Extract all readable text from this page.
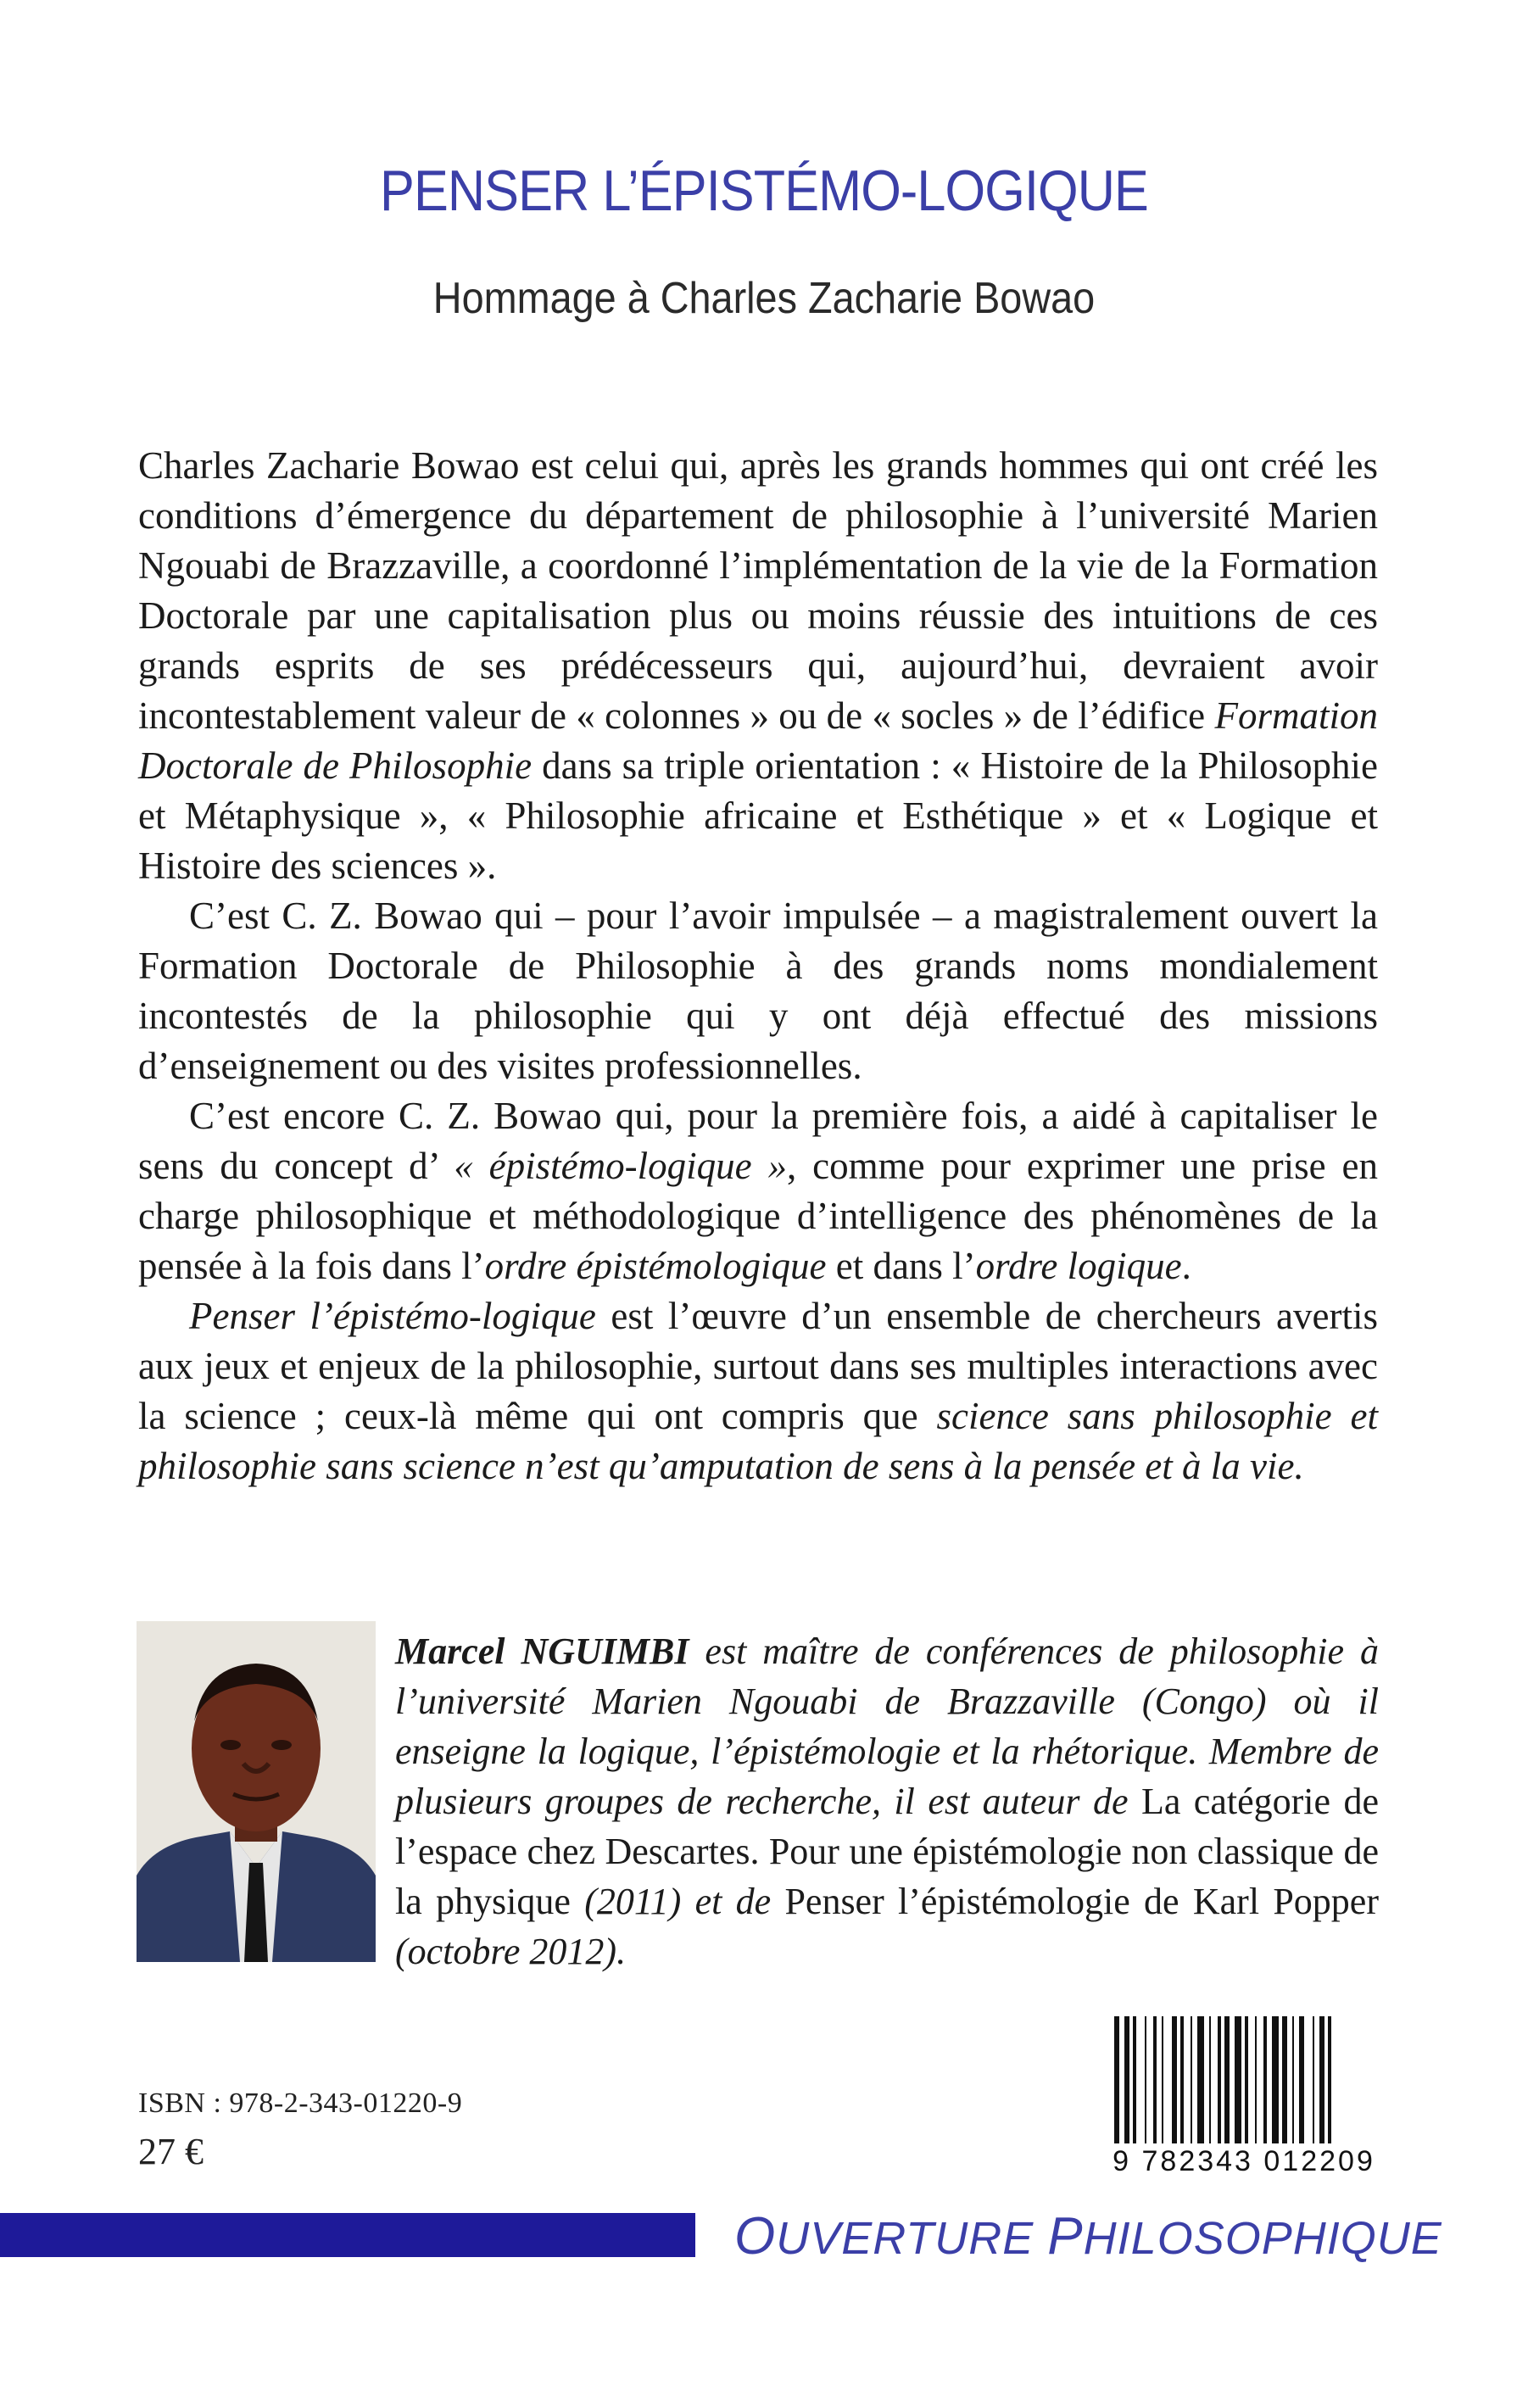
PENSER L’ÉPISTÉMO-LOGIQUE
Hommage à Charles Zacharie Bowao

Charles Zacharie Bowao est celui qui, après les grands hommes qui ont créé les conditions d’émergence du département de philosophie à l’université Marien Ngouabi de Brazzaville, a coordonné l’implémentation de la vie de la Formation Doctorale par une capitalisation plus ou moins réussie des intuitions de ces grands esprits de ses prédécesseurs qui, aujourd’hui, devraient avoir incontestablement valeur de « colonnes » ou de « socles » de l’édifice Formation Doctorale de Philosophie dans sa triple orientation : « Histoire de la Philosophie et Métaphysique », « Philosophie africaine et Esthétique » et « Logique et Histoire des sciences ».

C’est C. Z. Bowao qui – pour l’avoir impulsée – a magistralement ouvert la Formation Doctorale de Philosophie à des grands noms mondialement incontestés de la philosophie qui y ont déjà effectué des missions d’enseignement ou des visites professionnelles.

C’est encore C. Z. Bowao qui, pour la première fois, a aidé à capitaliser le sens du concept d’ « épistémo-logique », comme pour exprimer une prise en charge philosophique et méthodologique d’intelligence des phénomènes de la pensée à la fois dans l’ordre épistémologique et dans l’ordre logique.

Penser l’épistémo-logique est l’œuvre d’un ensemble de chercheurs avertis aux jeux et enjeux de la philosophie, surtout dans ses multiples interactions avec la science ; ceux-là même qui ont compris que science sans philosophie et philosophie sans science n’est qu’amputation de sens à la pensée et à la vie.

Marcel NGUIMBI est maître de conférences de philosophie à l’université Marien Ngouabi de Brazzaville (Congo) où il enseigne la logique, l’épistémologie et la rhétorique. Membre de plusieurs groupes de recherche, il est auteur de La catégorie de l’espace chez Descartes. Pour une épistémologie non classique de la physique (2011) et de Penser l’épistémologie de Karl Popper (octobre 2012).

ISBN : 978-2-343-01220-9
27 €	9 782343 012209
OUVERTURE PHILOSOPHIQUE
